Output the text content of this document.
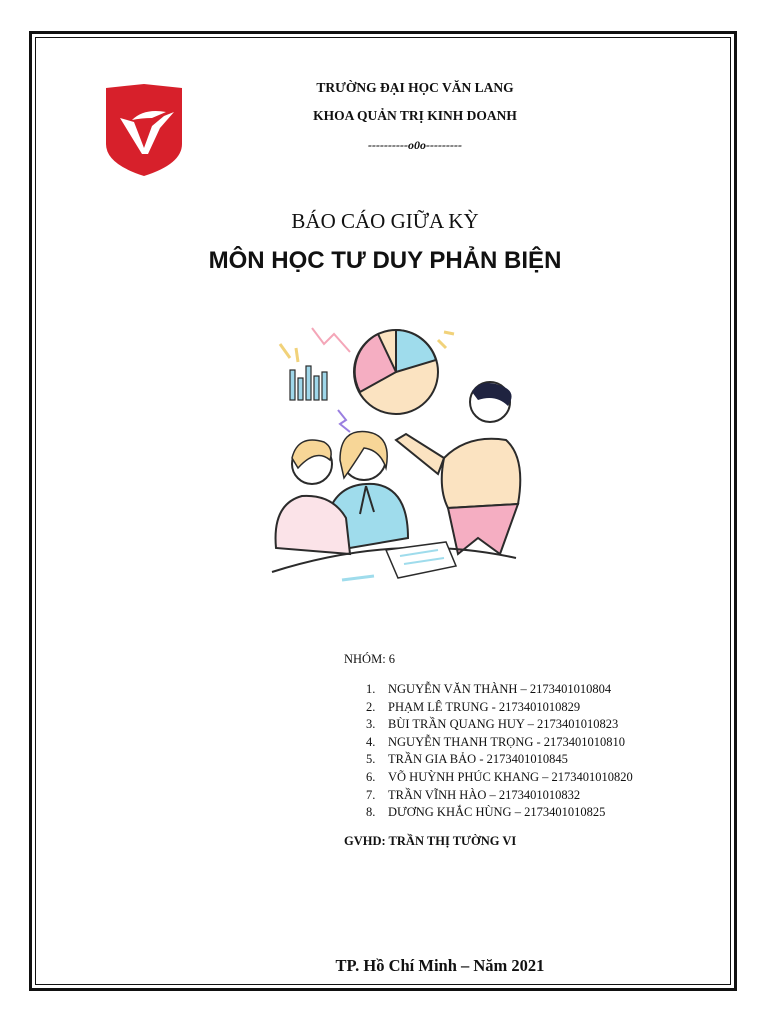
TRƯỜNG ĐẠI HỌC VĂN LANG
KHOA QUẢN TRỊ KINH DOANH
----------o0o---------
BÁO CÁO GIỮA KỲ
MÔN HỌC TƯ DUY PHẢN BIỆN
NHÓM: 6
1. NGUYỄN VĂN THÀNH – 2173401010804
2. PHẠM LÊ TRUNG - 2173401010829
3. BÙI TRẦN QUANG HUY – 2173401010823
4. NGUYỄN THANH TRỌNG - 2173401010810
5. TRẦN GIA BẢO - 2173401010845
6. VÕ HUỲNH PHÚC KHANG – 2173401010820
7. TRẦN VĨNH HÀO – 2173401010832
8. DƯƠNG KHẮC HÙNG – 2173401010825
GVHD: TRẦN THỊ TƯỜNG VI
TP. Hồ Chí Minh – Năm 2021
